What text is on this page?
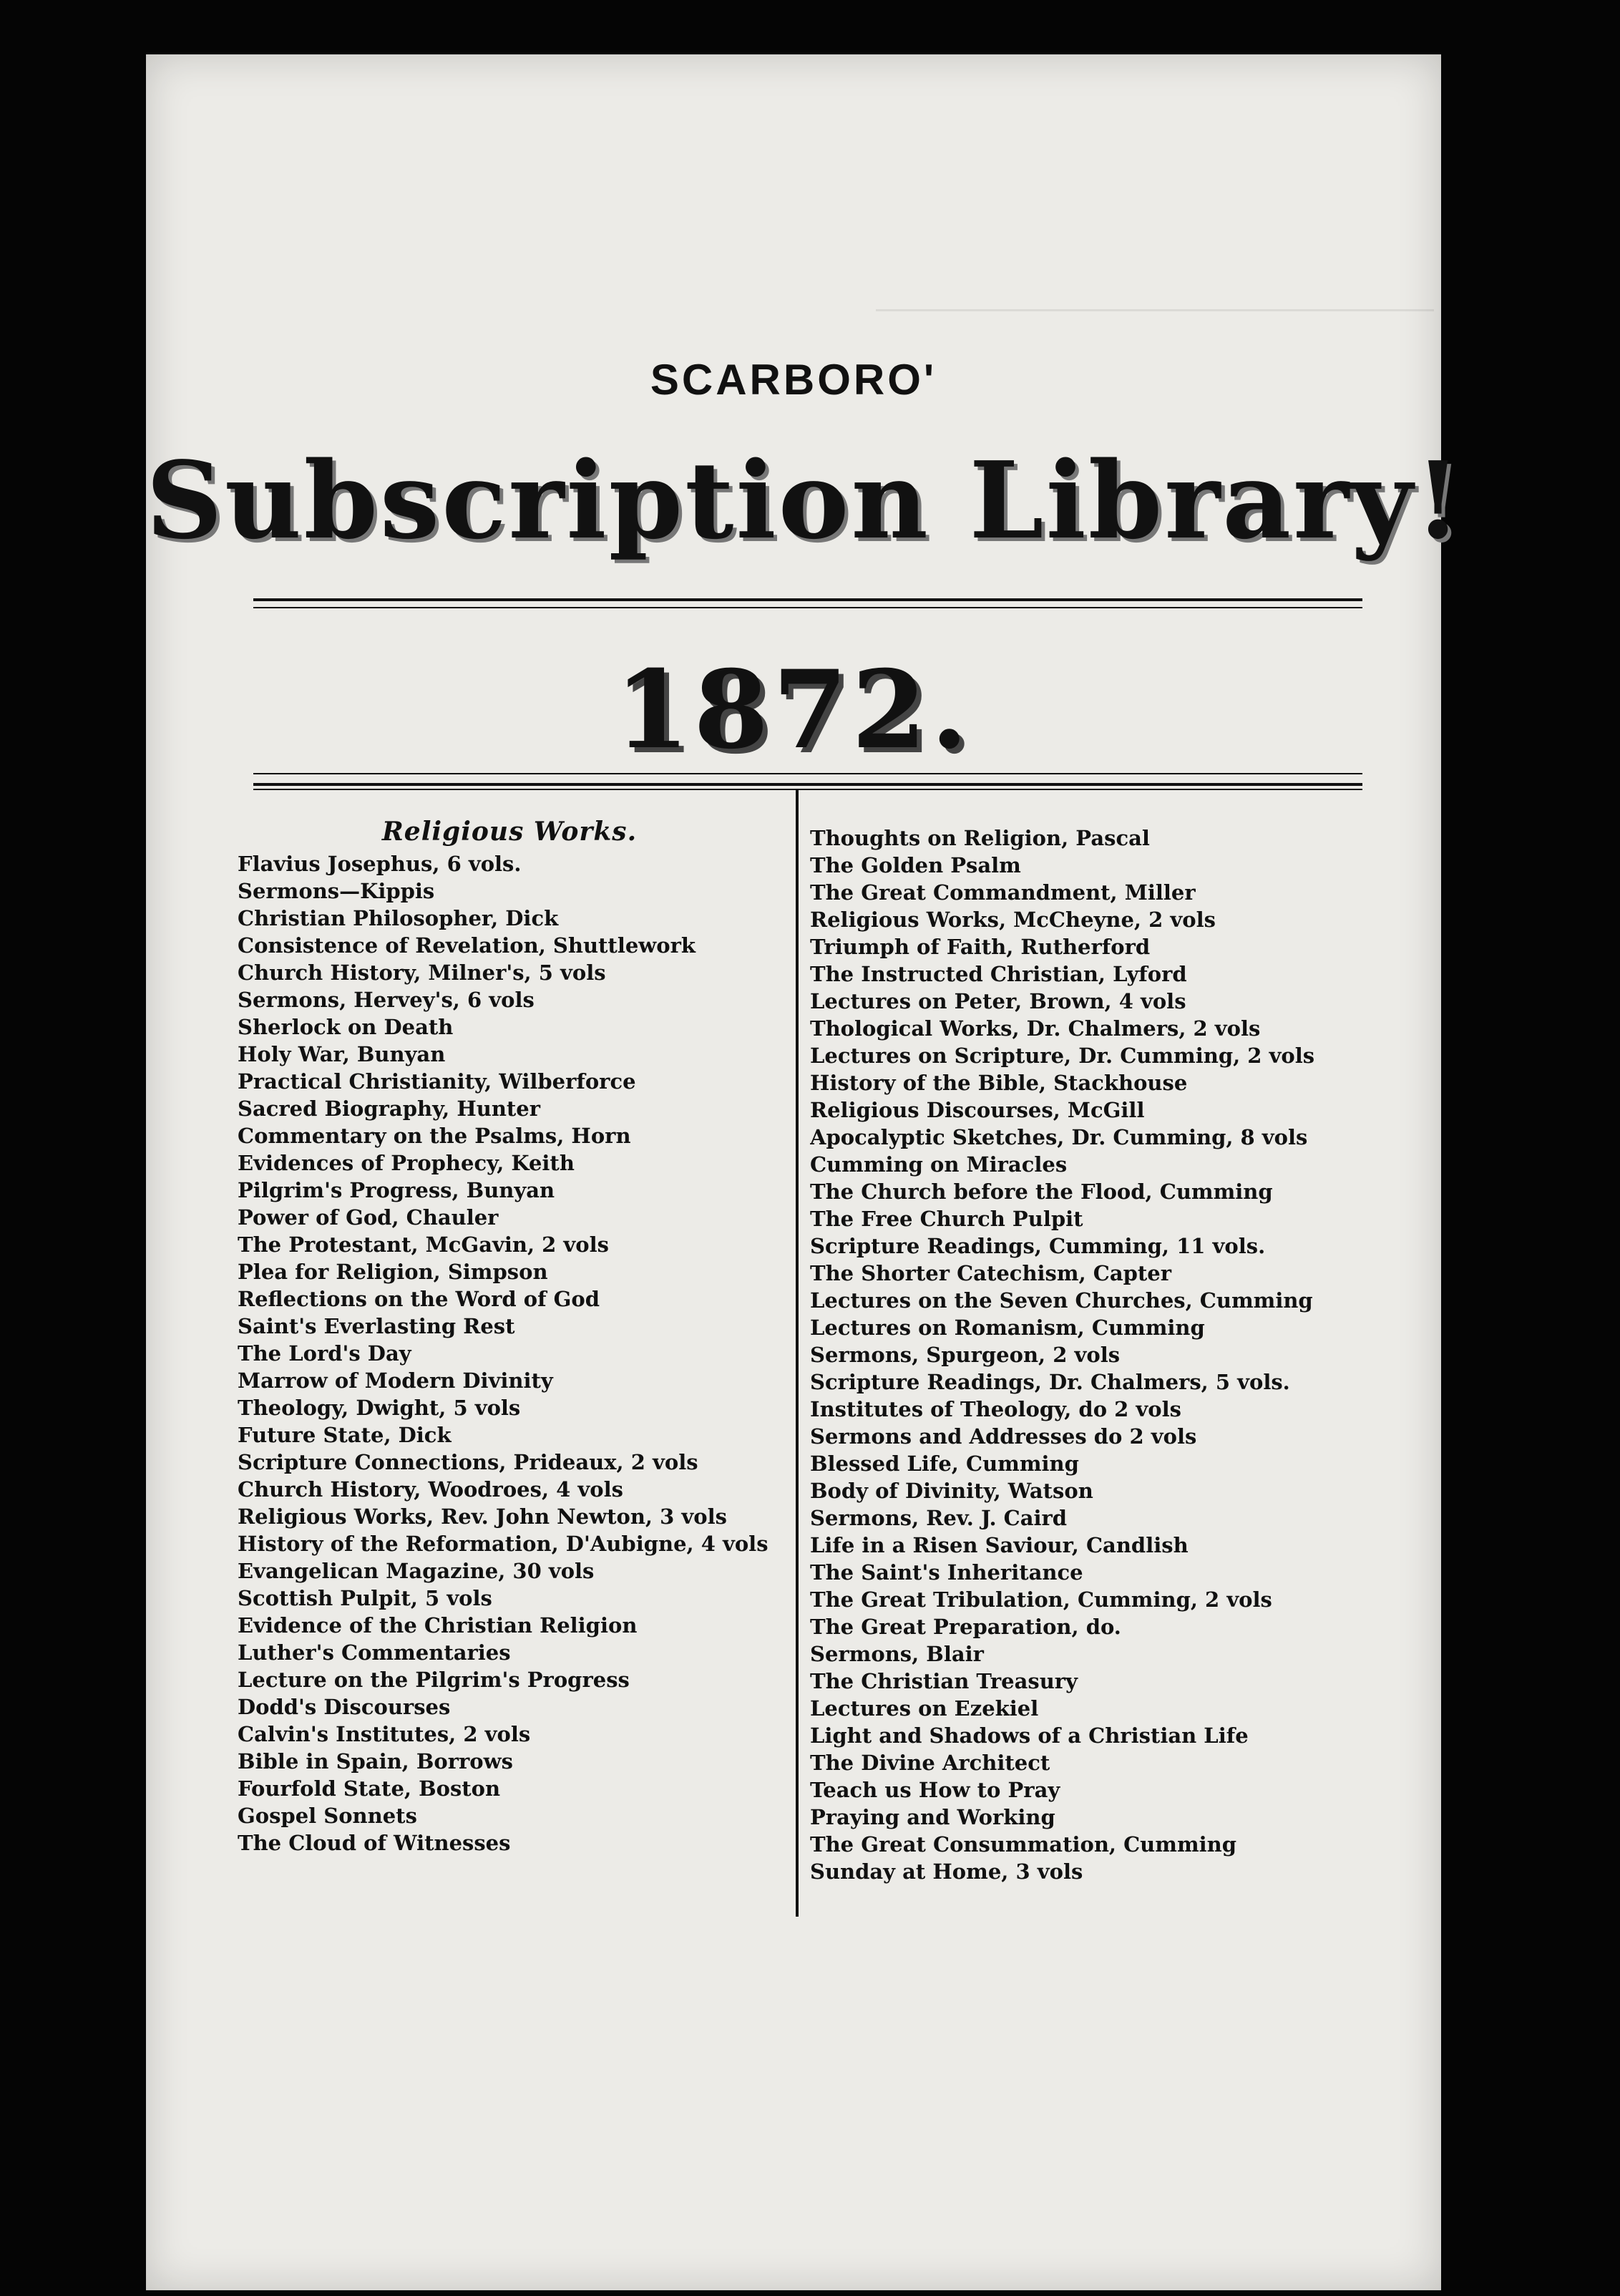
SCARBORO'
Subscription Library!
1872.
Religious Works.
Flavius Josephus, 6 vols.
Sermons—Kippis
Christian Philosopher, Dick
Consistence of Revelation, Shuttlework
Church History, Milner's, 5 vols
Sermons, Hervey's, 6 vols
Sherlock on Death
Holy War, Bunyan
Practical Christianity, Wilberforce
Sacred Biography, Hunter
Commentary on the Psalms, Horn
Evidences of Prophecy, Keith
Pilgrim's Progress, Bunyan
Power of God, Chauler
The Protestant, McGavin, 2 vols
Plea for Religion, Simpson
Reflections on the Word of God
Saint's Everlasting Rest
The Lord's Day
Marrow of Modern Divinity
Theology, Dwight, 5 vols
Future State, Dick
Scripture Connections, Prideaux, 2 vols
Church History, Woodroes, 4 vols
Religious Works, Rev. John Newton, 3 vols
History of the Reformation, D'Aubigne, 4 vols
Evangelican Magazine, 30 vols
Scottish Pulpit, 5 vols
Evidence of the Christian Religion
Luther's Commentaries
Lecture on the Pilgrim's Progress
Dodd's Discourses
Calvin's Institutes, 2 vols
Bible in Spain, Borrows
Fourfold State, Boston
Gospel Sonnets
The Cloud of Witnesses
Thoughts on Religion, Pascal
The Golden Psalm
The Great Commandment, Miller
Religious Works, McCheyne, 2 vols
Triumph of Faith, Rutherford
The Instructed Christian, Lyford
Lectures on Peter, Brown, 4 vols
Thological Works, Dr. Chalmers, 2 vols
Lectures on Scripture, Dr. Cumming, 2 vols
History of the Bible, Stackhouse
Religious Discourses, McGill
Apocalyptic Sketches, Dr. Cumming, 8 vols
Cumming on Miracles
The Church before the Flood, Cumming
The Free Church Pulpit
Scripture Readings, Cumming, 11 vols.
The Shorter Catechism, Capter
Lectures on the Seven Churches, Cumming
Lectures on Romanism, Cumming
Sermons, Spurgeon, 2 vols
Scripture Readings, Dr. Chalmers, 5 vols.
Institutes of Theology, do 2 vols
Sermons and Addresses do 2 vols
Blessed Life, Cumming
Body of Divinity, Watson
Sermons, Rev. J. Caird
Life in a Risen Saviour, Candlish
The Saint's Inheritance
The Great Tribulation, Cumming, 2 vols
The Great Preparation, do.
Sermons, Blair
The Christian Treasury
Lectures on Ezekiel
Light and Shadows of a Christian Life
The Divine Architect
Teach us How to Pray
Praying and Working
The Great Consummation, Cumming
Sunday at Home, 3 vols
